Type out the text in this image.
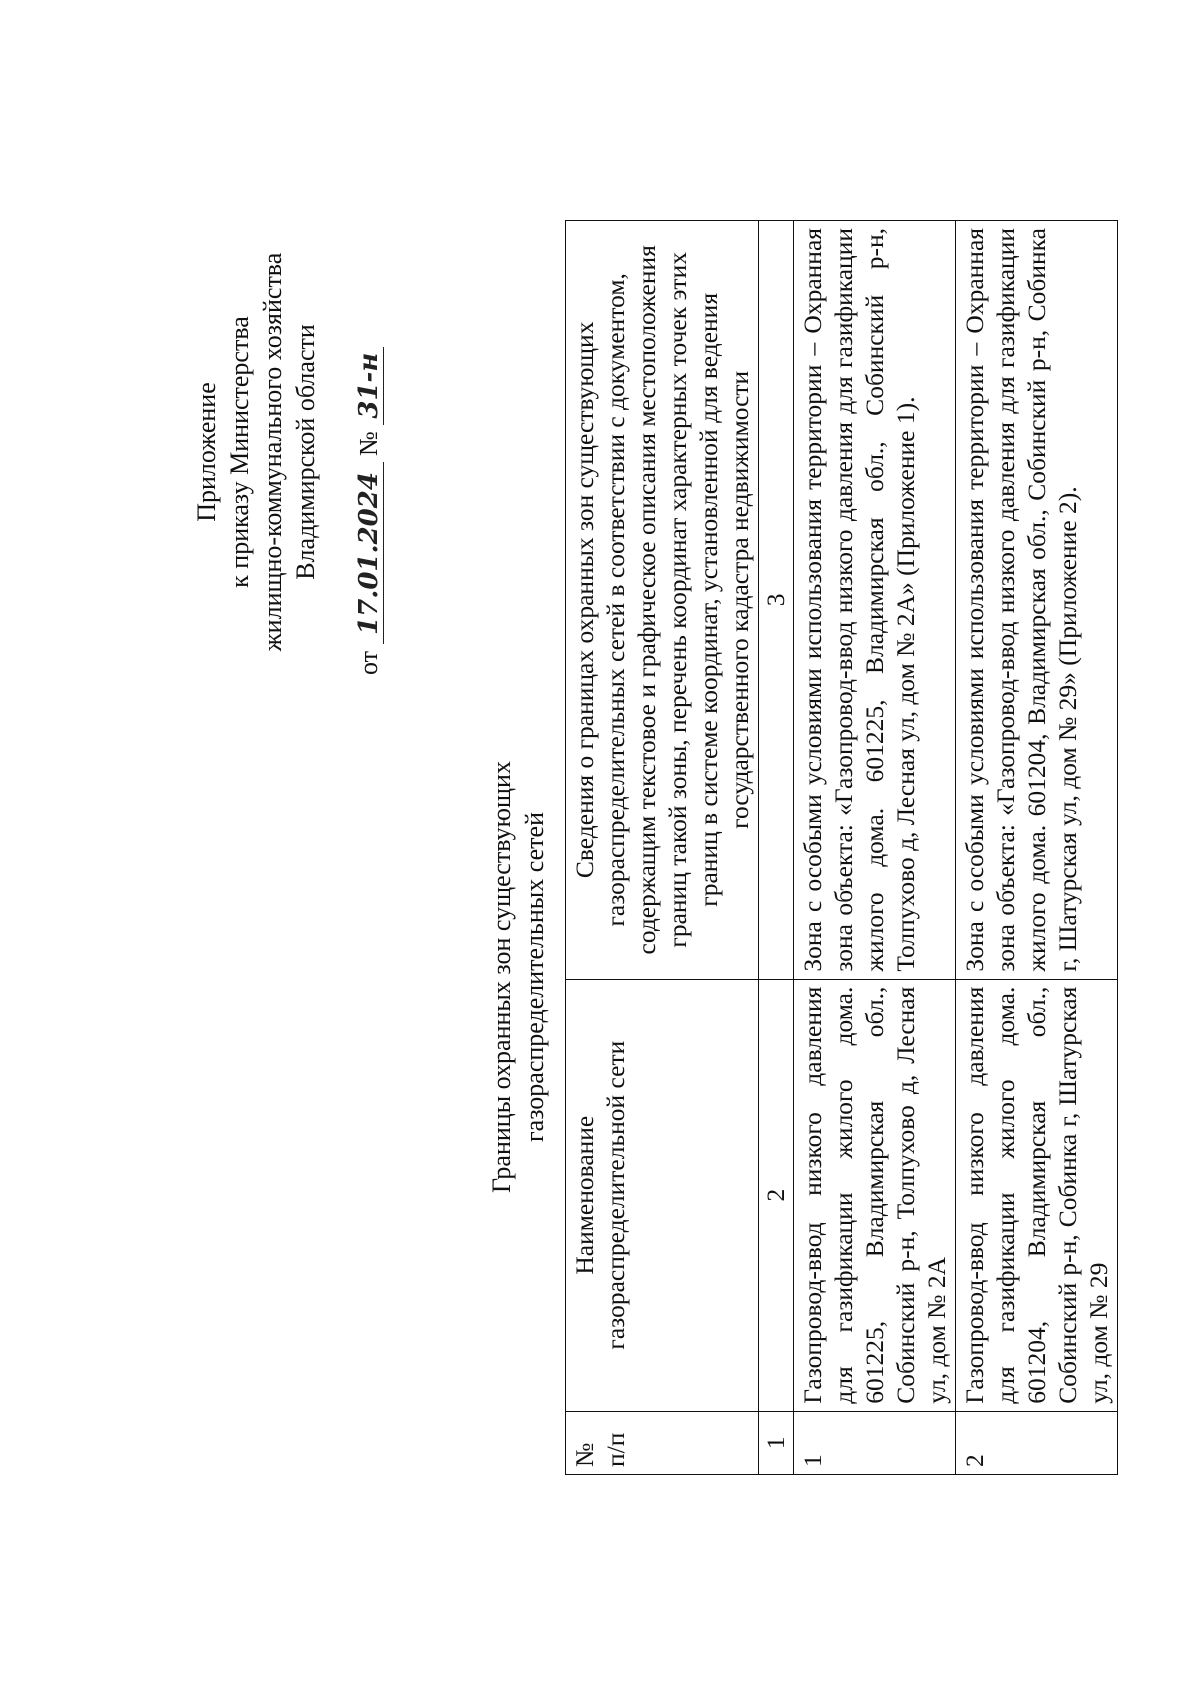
Приложение к приказу Министерства жилищно-коммунального хозяйства Владимирской области
от 17.01.2024 № 31-н
Границы охранных зон существующих газораспределительных сетей
№ п/п	Наименование газораспределительной сети	Сведения о границах охранных зон существующих газораспределительных сетей в соответствии с документом, содержащим текстовое и графическое описания местоположения границ такой зоны, перечень координат характерных точек этих границ в системе координат, установленной для ведения государственного кадастра недвижимости
1	2	3
1	Газопровод-ввод низкого давления для газификации жилого дома. 601225, Владимирская обл., Собинский р-н, Толпухово д, Лесная ул, дом № 2А	Зона с особыми условиями использования территории – Охранная зона объекта: «Газопровод-ввод низкого давления для газификации жилого дома. 601225, Владимирская обл., Собинский р-н, Толпухово д, Лесная ул, дом № 2А» (Приложение 1).
2	Газопровод-ввод низкого давления для газификации жилого дома. 601204, Владимирская обл., Собинский р-н, Собинка г, Шатурская ул, дом № 29	Зона с особыми условиями использования территории – Охранная зона объекта: «Газопровод-ввод низкого давления для газификации жилого дома. 601204, Владимирская обл., Собинский р-н, Собинка г, Шатурская ул, дом № 29» (Приложение 2).
